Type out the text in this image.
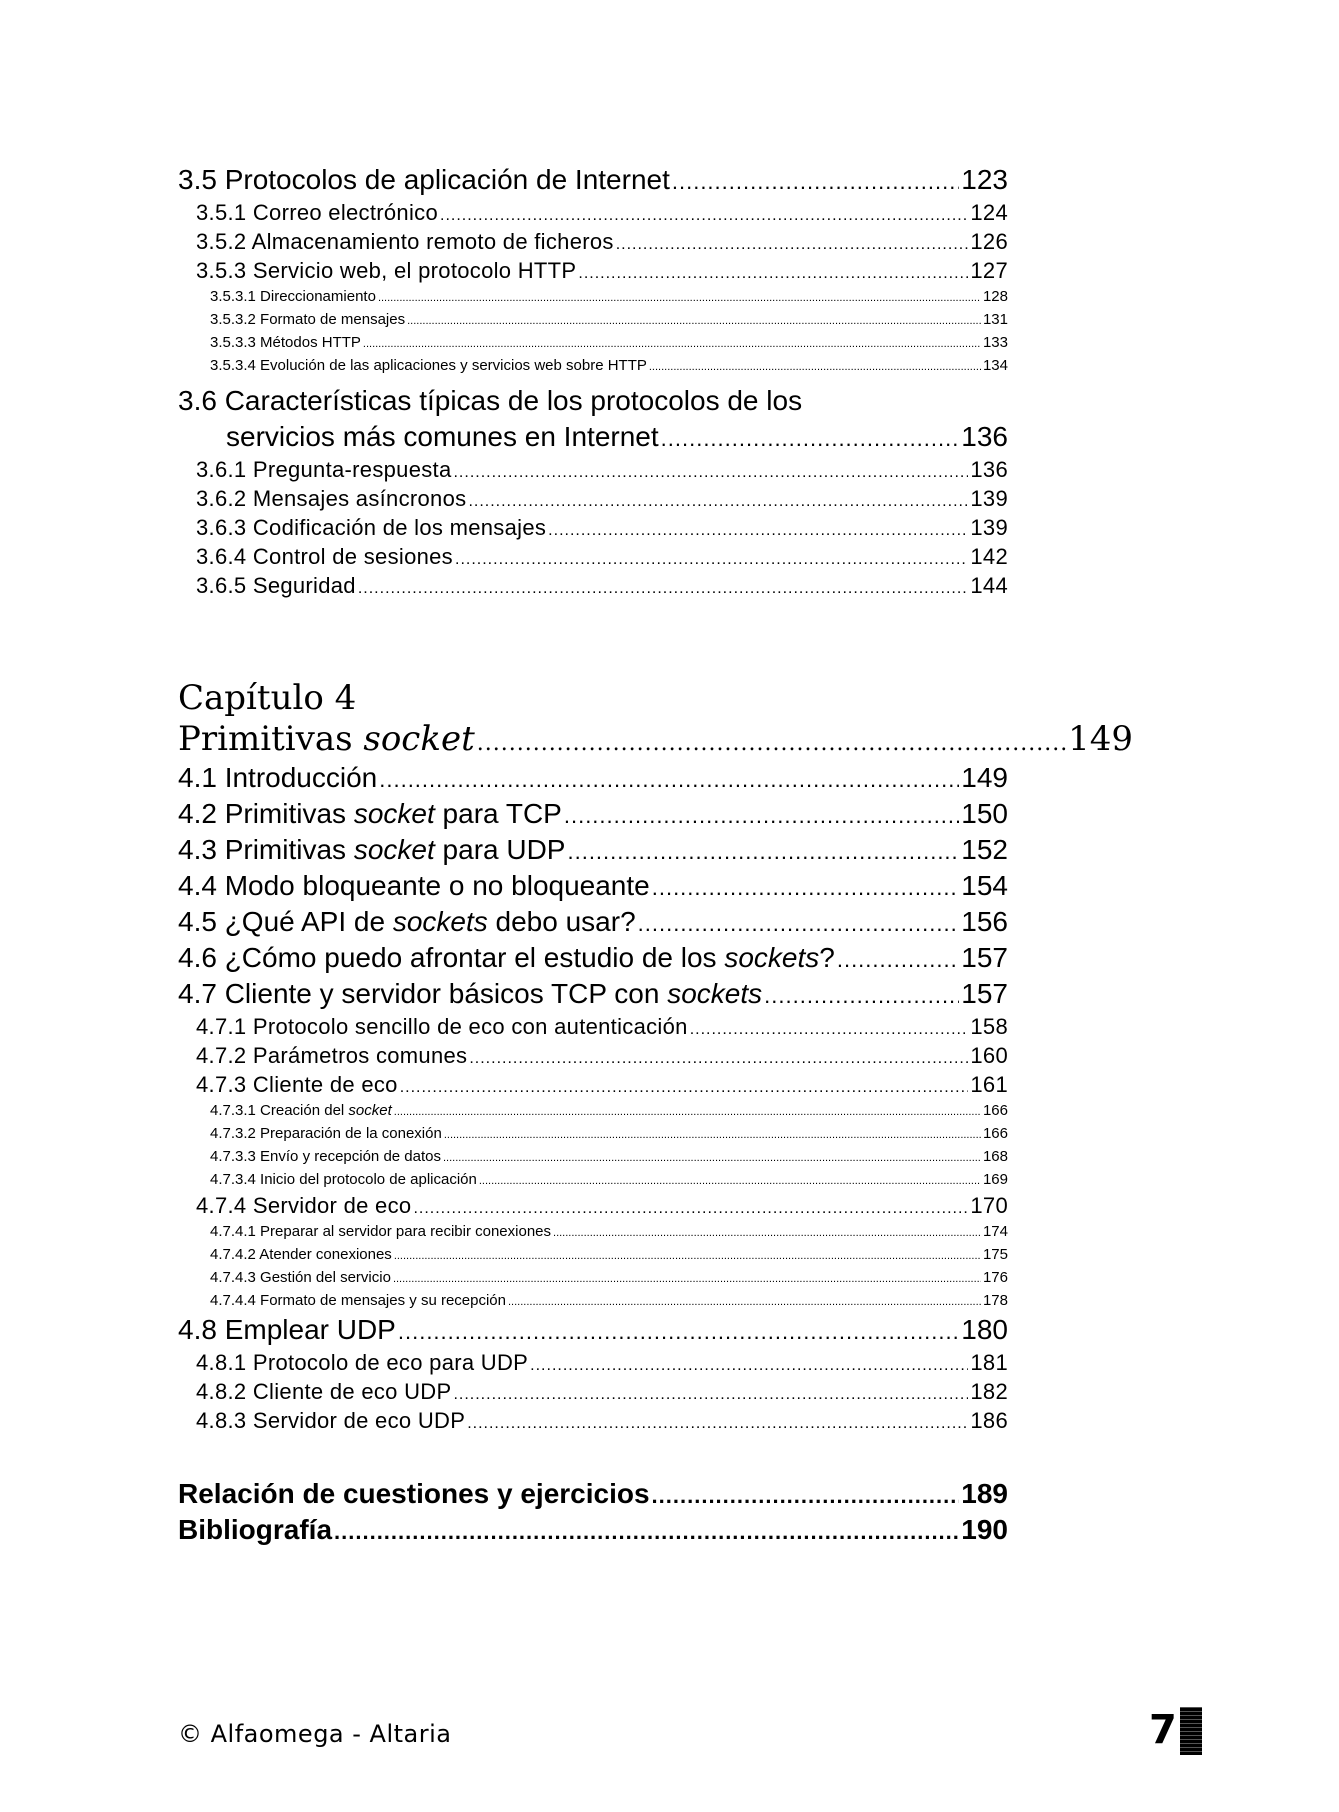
3.5 Protocolos de aplicación de Internet .....	123
3.5.1 Correo electrónico .....	124
3.5.2 Almacenamiento remoto de ficheros .....	126
3.5.3 Servicio web, el protocolo HTTP .....	127
3.5.3.1 Direccionamiento .....	128
3.5.3.2 Formato de mensajes .....	131
3.5.3.3 Métodos HTTP .....	133
3.5.3.4 Evolución de las aplicaciones y servicios web sobre HTTP .....	134
3.6 Características típicas de los protocolos de los
servicios más comunes en Internet .....	136
3.6.1 Pregunta-respuesta .....	136
3.6.2 Mensajes asíncronos .....	139
3.6.3 Codificación de los mensajes .....	139
3.6.4 Control de sesiones .....	142
3.6.5 Seguridad .....	144
Capítulo 4
Primitivas socket .....	149
4.1 Introducción .....	149
4.2 Primitivas socket para TCP .....	150
4.3 Primitivas socket para UDP .....	152
4.4 Modo bloqueante o no bloqueante .....	154
4.5 ¿Qué API de sockets debo usar? .....	156
4.6 ¿Cómo puedo afrontar el estudio de los sockets? .....	157
4.7 Cliente y servidor básicos TCP con sockets .....	157
4.7.1 Protocolo sencillo de eco con autenticación .....	158
4.7.2 Parámetros comunes .....	160
4.7.3 Cliente de eco .....	161
4.7.3.1 Creación del socket .....	166
4.7.3.2 Preparación de la conexión .....	166
4.7.3.3 Envío y recepción de datos .....	168
4.7.3.4 Inicio del protocolo de aplicación .....	169
4.7.4 Servidor de eco .....	170
4.7.4.1 Preparar al servidor para recibir conexiones .....	174
4.7.4.2 Atender conexiones .....	175
4.7.4.3 Gestión del servicio .....	176
4.7.4.4 Formato de mensajes y su recepción .....	178
4.8 Emplear UDP .....	180
4.8.1 Protocolo de eco para UDP .....	181
4.8.2 Cliente de eco UDP .....	182
4.8.3 Servidor de eco UDP .....	186
Relación de cuestiones y ejercicios .....	189
Bibliografía .....	190
© Alfaomega - Altaria	7
